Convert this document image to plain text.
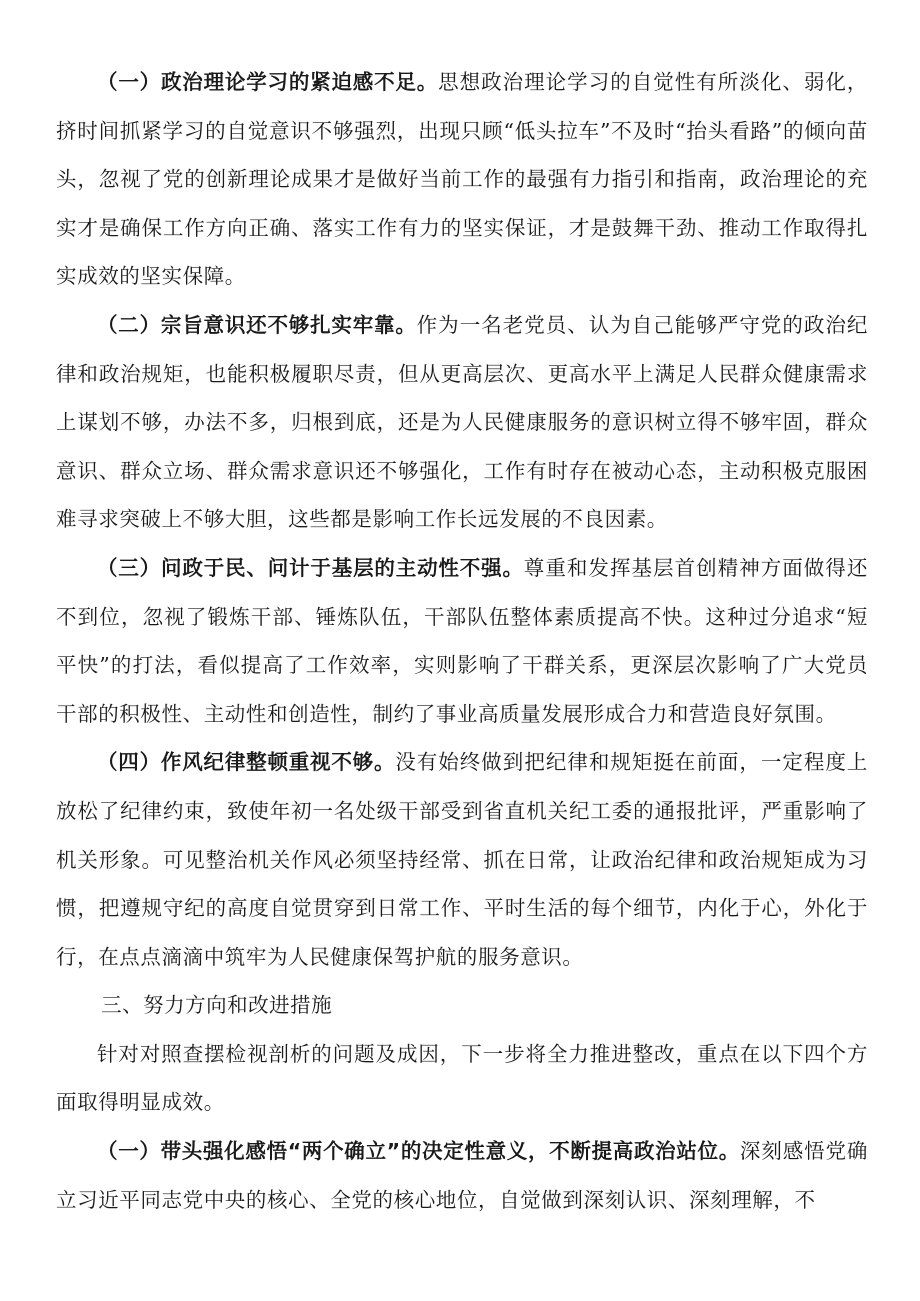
（一）政治理论学习的紧迫感不足。思想政治理论学习的自觉性有所淡化、弱化，挤时间抓紧学习的自觉意识不够强烈，出现只顾“低头拉车”不及时“抬头看路”的倾向苗头，忽视了党的创新理论成果才是做好当前工作的最强有力指引和指南，政治理论的充实才是确保工作方向正确、落实工作有力的坚实保证，才是鼓舞干劲、推动工作取得扎实成效的坚实保障。

（二）宗旨意识还不够扎实牢靠。作为一名老党员、认为自己能够严守党的政治纪律和政治规矩，也能积极履职尽责，但从更高层次、更高水平上满足人民群众健康需求上谋划不够，办法不多，归根到底，还是为人民健康服务的意识树立得不够牢固，群众意识、群众立场、群众需求意识还不够强化，工作有时存在被动心态，主动积极克服困难寻求突破上不够大胆，这些都是影响工作长远发展的不良因素。

（三）问政于民、问计于基层的主动性不强。尊重和发挥基层首创精神方面做得还不到位，忽视了锻炼干部、锤炼队伍，干部队伍整体素质提高不快。这种过分追求“短平快”的打法，看似提高了工作效率，实则影响了干群关系，更深层次影响了广大党员干部的积极性、主动性和创造性，制约了事业高质量发展形成合力和营造良好氛围。

（四）作风纪律整顿重视不够。没有始终做到把纪律和规矩挺在前面，一定程度上放松了纪律约束，致使年初一名处级干部受到省直机关纪工委的通报批评，严重影响了机关形象。可见整治机关作风必须坚持经常、抓在日常，让政治纪律和政治规矩成为习惯，把遵规守纪的高度自觉贯穿到日常工作、平时生活的每个细节，内化于心，外化于行，在点点滴滴中筑牢为人民健康保驾护航的服务意识。

三、努力方向和改进措施

针对对照查摆检视剖析的问题及成因，下一步将全力推进整改，重点在以下四个方面取得明显成效。

（一）带头强化感悟“两个确立”的决定性意义，不断提高政治站位。深刻感悟党确立习近平同志党中央的核心、全党的核心地位，自觉做到深刻认识、深刻理解，不
